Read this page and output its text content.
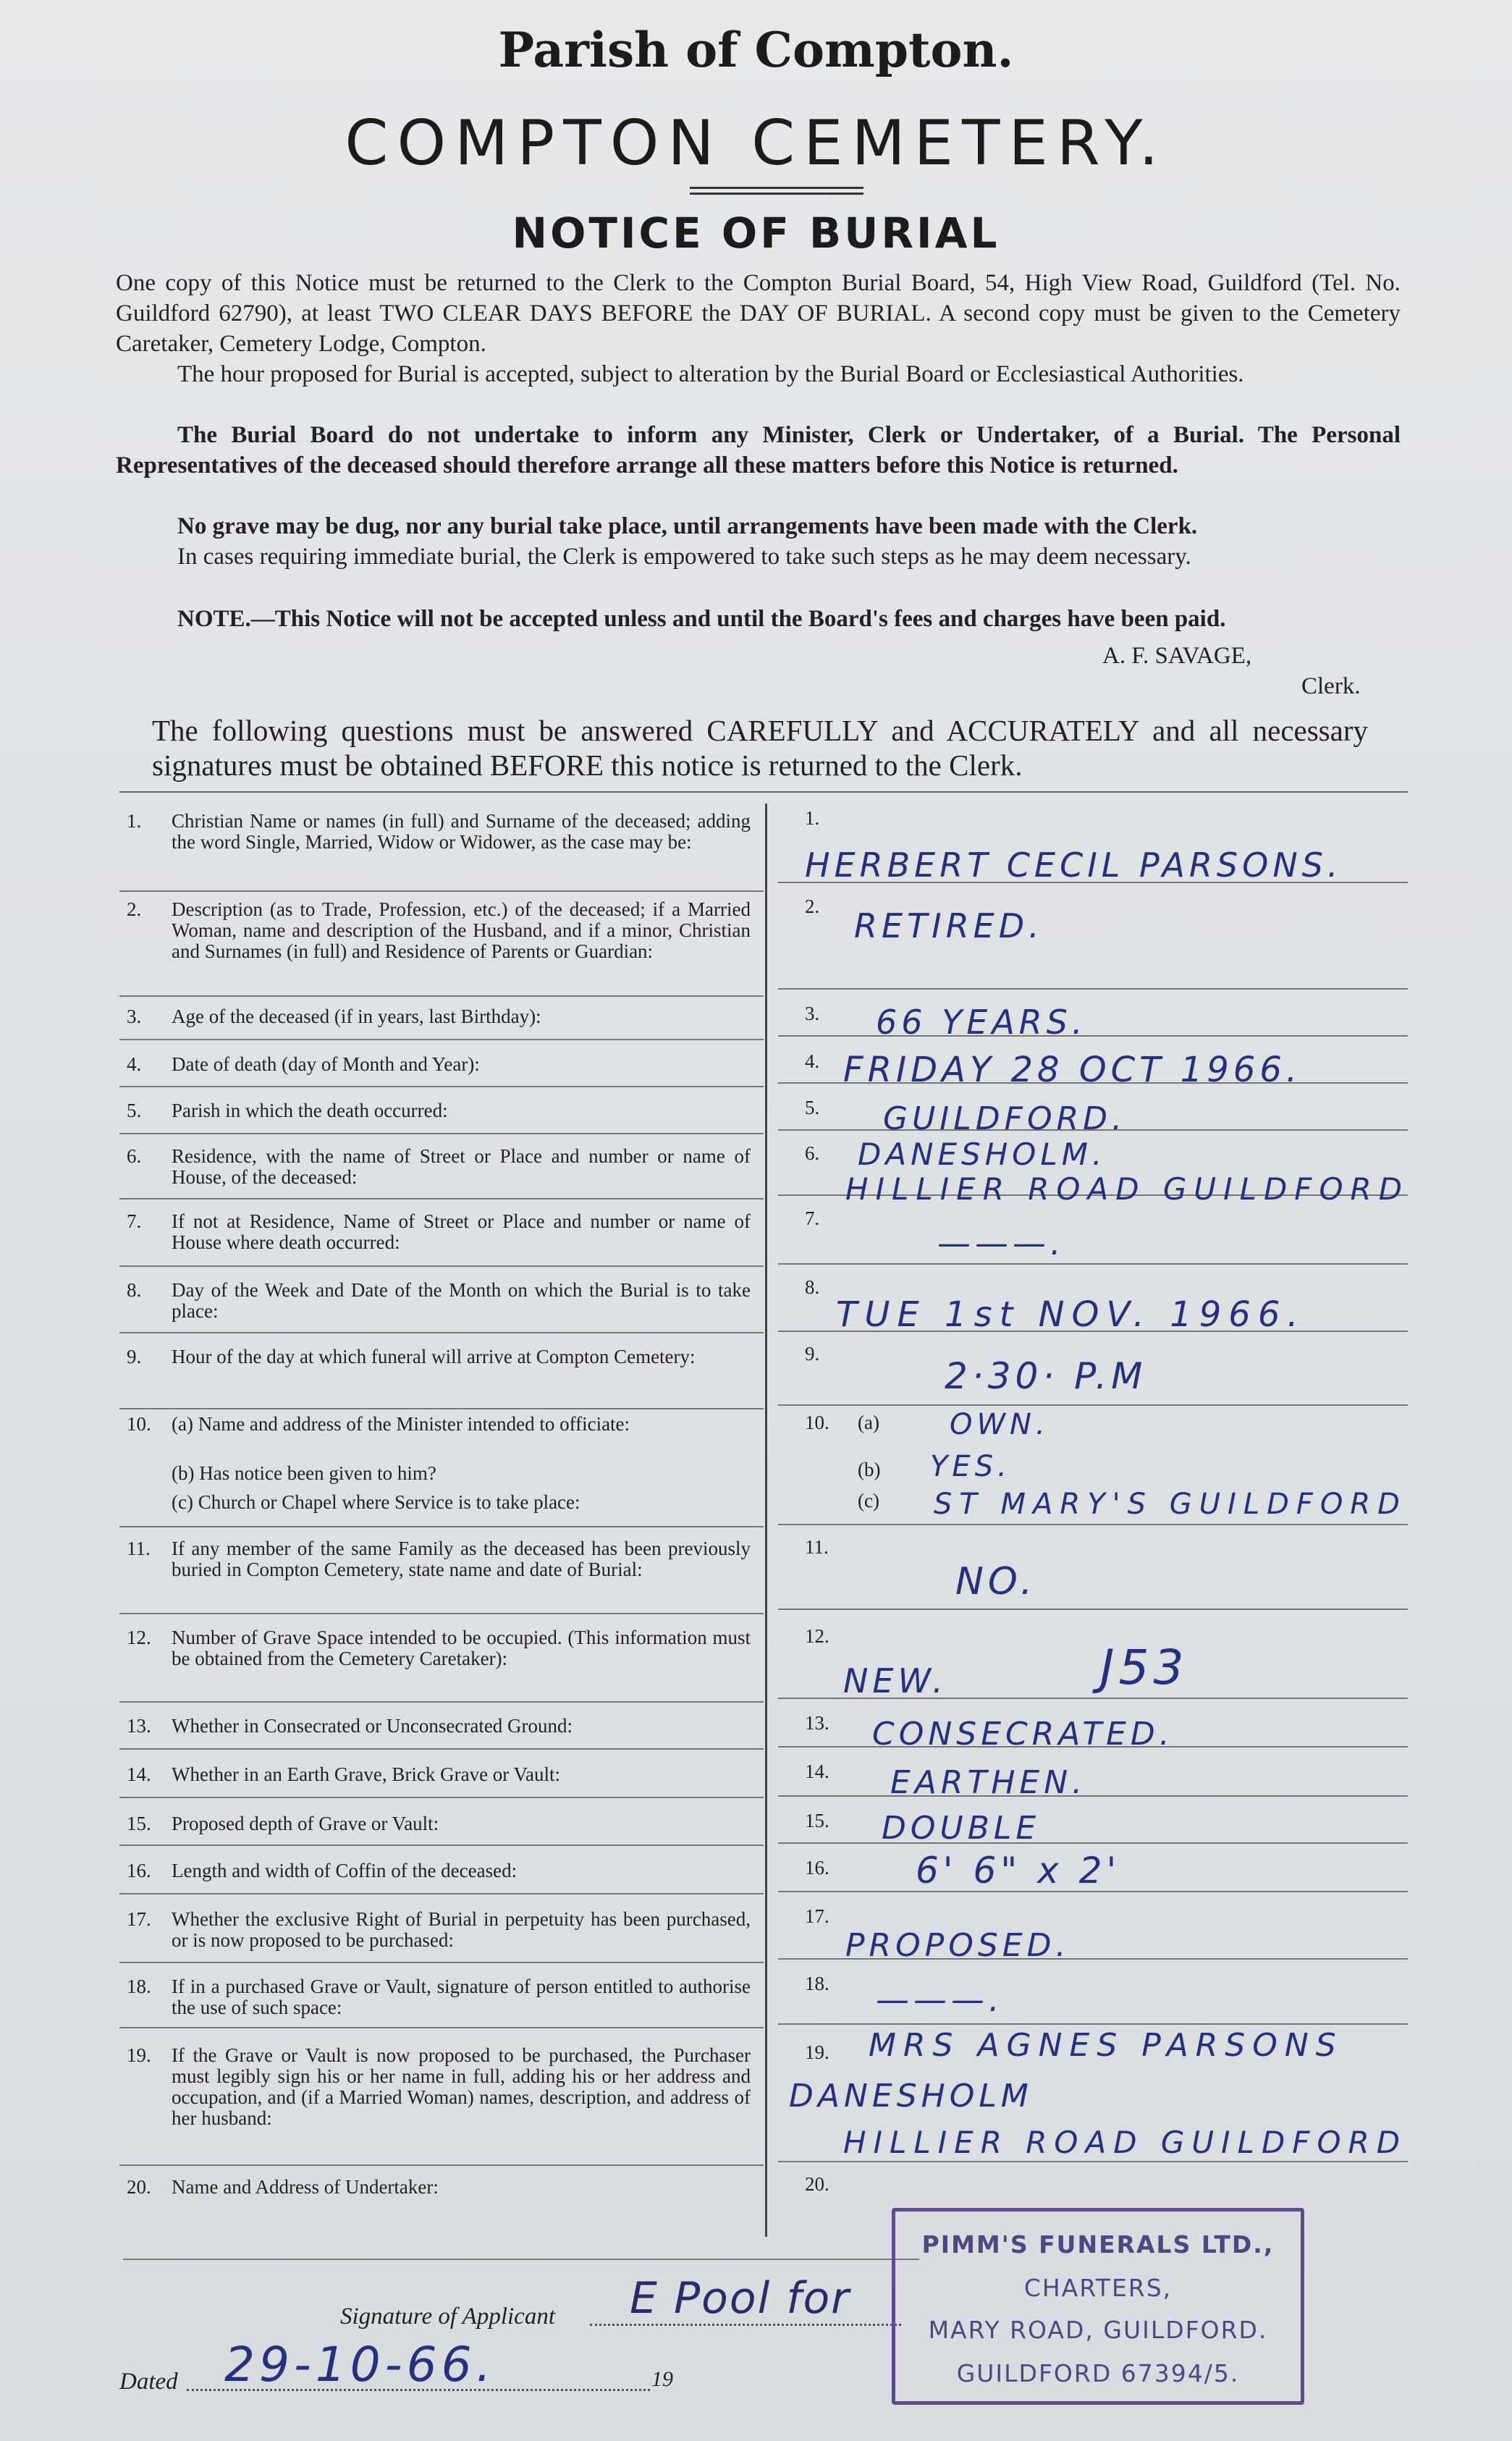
Parish of Compton.
COMPTON CEMETERY.
NOTICE OF BURIAL
One copy of this Notice must be returned to the Clerk to the Compton Burial Board, 54, High View Road, Guildford (Tel. No. Guildford 62790), at least TWO CLEAR DAYS BEFORE the DAY OF BURIAL. A second copy must be given to the Cemetery Caretaker, Cemetery Lodge, Compton.
The hour proposed for Burial is accepted, subject to alteration by the Burial Board or Ecclesiastical Authorities.
The Burial Board do not undertake to inform any Minister, Clerk or Undertaker, of a Burial. The Personal Representatives of the deceased should therefore arrange all these matters before this Notice is returned.
No grave may be dug, nor any burial take place, until arrangements have been made with the Clerk.
In cases requiring immediate burial, the Clerk is empowered to take such steps as he may deem necessary.
NOTE.—This Notice will not be accepted unless and until the Board's fees and charges have been paid.
A. F. SAVAGE,
Clerk.
The following questions must be answered CAREFULLY and ACCURATELY and all necessary signatures must be obtained BEFORE this notice is returned to the Clerk.
1. Christian Name or names (in full) and Surname of the deceased; adding the word Single, Married, Widow or Widower, as the case may be:
2. Description (as to Trade, Profession, etc.) of the deceased; if a Married Woman, name and description of the Husband, and if a minor, Christian and Surnames (in full) and Residence of Parents or Guardian:
3. Age of the deceased (if in years, last Birthday):
4. Date of death (day of Month and Year):
5. Parish in which the death occurred:
6. Residence, with the name of Street or Place and number or name of House, of the deceased:
7. If not at Residence, Name of Street or Place and number or name of House where death occurred:
8. Day of the Week and Date of the Month on which the Burial is to take place:
9. Hour of the day at which funeral will arrive at Compton Cemetery:
10. (a) Name and address of the Minister intended to officiate:
(b) Has notice been given to him?
(c) Church or Chapel where Service is to take place:
11. If any member of the same Family as the deceased has been previously buried in Compton Cemetery, state name and date of Burial:
12. Number of Grave Space intended to be occupied. (This information must be obtained from the Cemetery Caretaker):
13. Whether in Consecrated or Unconsecrated Ground:
14. Whether in an Earth Grave, Brick Grave or Vault:
15. Proposed depth of Grave or Vault:
16. Length and width of Coffin of the deceased:
17. Whether the exclusive Right of Burial in perpetuity has been purchased, or is now proposed to be purchased:
18. If in a purchased Grave or Vault, signature of person entitled to authorise the use of such space:
19. If the Grave or Vault is now proposed to be purchased, the Purchaser must legibly sign his or her name in full, adding his or her address and occupation, and (if a Married Woman) names, description, and address of her husband:
20. Name and Address of Undertaker:
1.
2.
3.
4.
5.
6.
7.
8.
9.
10.
11.
12.
13.
14.
15.
16.
17.
18.
19.
20.
HERBERT CECIL PARSONS.
RETIRED.
66 YEARS.
FRIDAY 28 OCT 1966.
GUILDFORD.
DANESHOLM.
HILLIER ROAD GUILDFORD
———.
TUE 1st NOV. 1966.
2·30· P.M
(a)
(b)
(c)
OWN.
YES.
ST MARY'S GUILDFORD
NO.
NEW.	J53
CONSECRATED.
EARTHEN.
DOUBLE
6' 6" x 2'
PROPOSED.
———.
MRS AGNES PARSONS
DANESHOLM
HILLIER ROAD GUILDFORD
Signature of Applicant E Pool for
Dated 29-10-66.	19
PIMM'S FUNERALS LTD.,
CHARTERS,
MARY ROAD, GUILDFORD.
GUILDFORD 67394/5.
